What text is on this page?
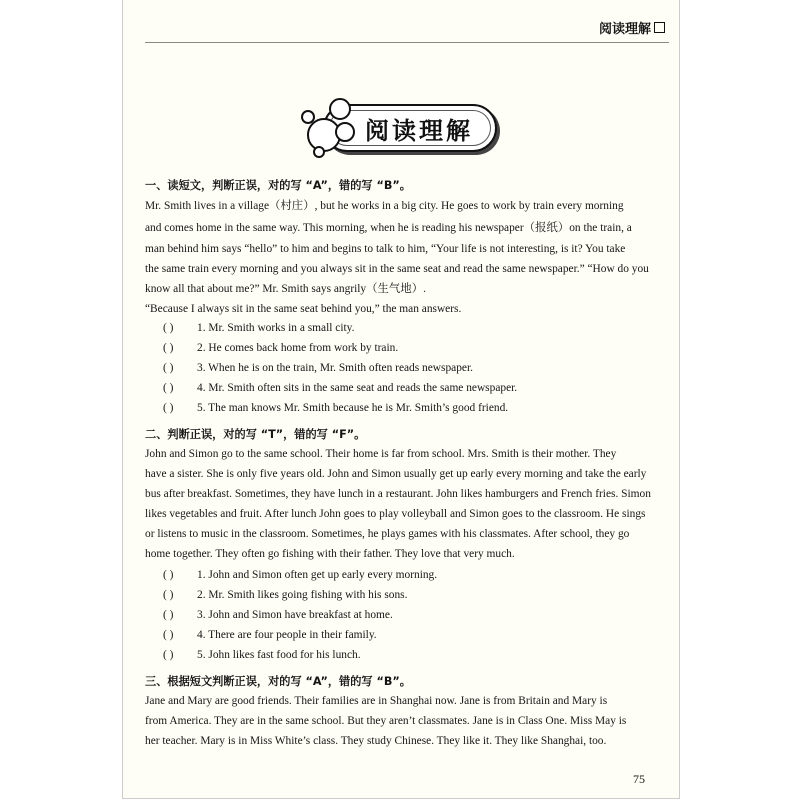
阅读理解
阅读理解
一、读短文，判断正误，对的写 “A”，错的写 “B”。
Mr. Smith lives in a village（村庄）, but he works in a big city. He goes to work by train every morning
and comes home in the same way. This morning, when he is reading his newspaper（报纸）on the train, a
man behind him says “hello” to him and begins to talk to him, “Your life is not interesting, is it? You take
the same train every morning and you always sit in the same seat and read the same newspaper.” “How do you
know all that about me?” Mr. Smith says angrily（生气地）.
“Because I always sit in the same seat behind you,” the man answers.
( ) 1. Mr. Smith works in a small city.
( ) 2. He comes back home from work by train.
( ) 3. When he is on the train, Mr. Smith often reads newspaper.
( ) 4. Mr. Smith often sits in the same seat and reads the same newspaper.
( ) 5. The man knows Mr. Smith because he is Mr. Smith’s good friend.
二、判断正误，对的写 “T”，错的写 “F”。
John and Simon go to the same school. Their home is far from school. Mrs. Smith is their mother. They
have a sister. She is only five years old. John and Simon usually get up early every morning and take the early
bus after breakfast. Sometimes, they have lunch in a restaurant. John likes hamburgers and French fries. Simon
likes vegetables and fruit. After lunch John goes to play volleyball and Simon goes to the classroom. He sings
or listens to music in the classroom. Sometimes, he plays games with his classmates. After school, they go
home together. They often go fishing with their father. They love that very much.
( ) 1. John and Simon often get up early every morning.
( ) 2. Mr. Smith likes going fishing with his sons.
( ) 3. John and Simon have breakfast at home.
( ) 4. There are four people in their family.
( ) 5. John likes fast food for his lunch.
三、根据短文判断正误，对的写 “A”，错的写 “B”。
Jane and Mary are good friends. Their families are in Shanghai now. Jane is from Britain and Mary is
from America. They are in the same school. But they aren’t classmates. Jane is in Class One. Miss May is
her teacher. Mary is in Miss White’s class. They study Chinese. They like it. They like Shanghai, too.
75
